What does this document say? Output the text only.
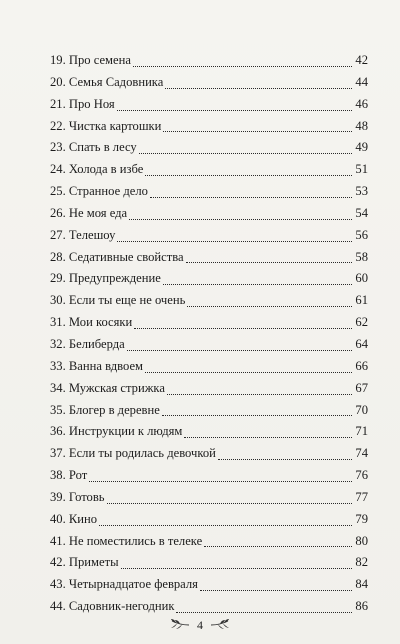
19. Про семена	42
20. Семья Садовника	44
21. Про Ноя	46
22. Чистка картошки	48
23. Спать в лесу	49
24. Холода в избе	51
25. Странное дело	53
26. Не моя еда	54
27. Телешоу	56
28. Седативные свойства	58
29. Предупреждение	60
30. Если ты еще не очень	61
31. Мои косяки	62
32. Белиберда	64
33. Ванна вдвоем	66
34. Мужская стрижка	67
35. Блогер в деревне	70
36. Инструкции к людям	71
37. Если ты родилась девочкой	74
38. Рот	76
39. Готовь	77
40. Кино	79
41. Не поместились в телеке	80
42. Приметы	82
43. Четырнадцатое февраля	84
44. Садовник-негодник	86
4
